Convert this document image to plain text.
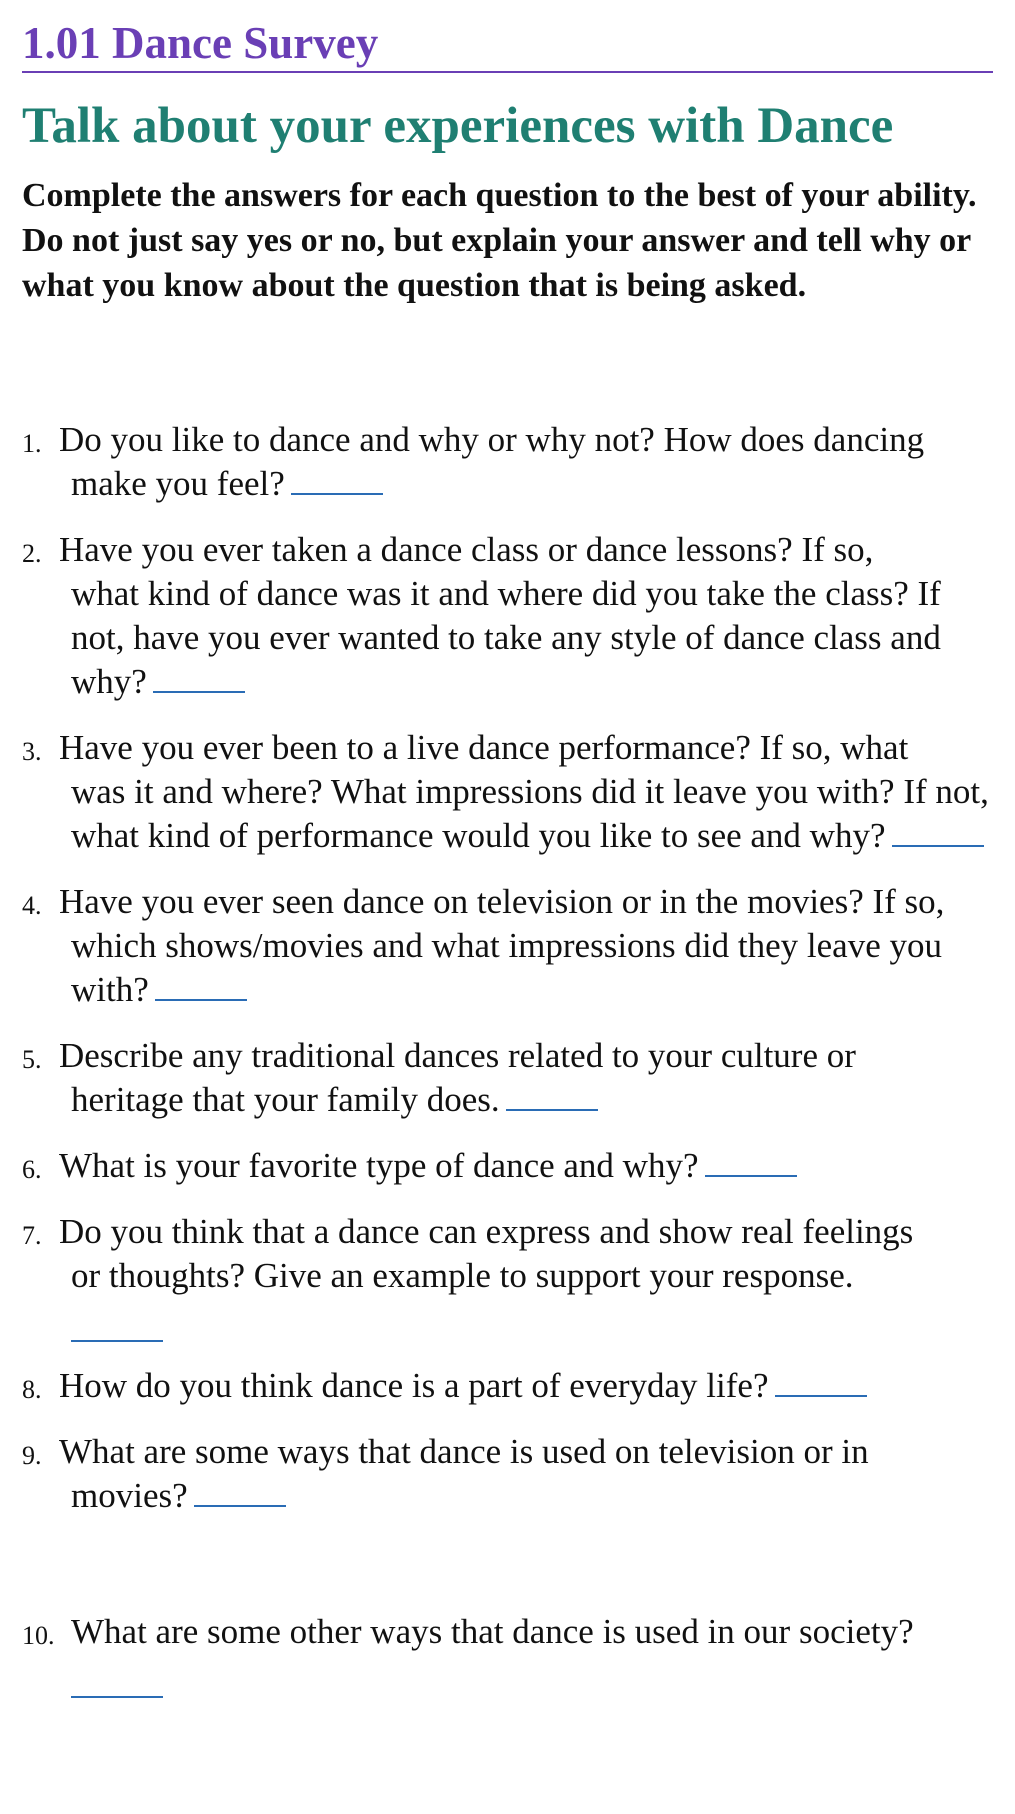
1.01 Dance Survey
Talk about your experiences with Dance

Complete the answers for each question to the best of your ability. Do not just say yes or no, but explain your answer and tell why or what you know about the question that is being asked.

1. Do you like to dance and why or why not? How does dancing
make you feel?
2. Have you ever taken a dance class or dance lessons? If so,
what kind of dance was it and where did you take the class? If not, have you ever wanted to take any style of dance class and why?
3. Have you ever been to a live dance performance? If so, what
was it and where? What impressions did it leave you with? If not, what kind of performance would you like to see and why?
4. Have you ever seen dance on television or in the movies? If so,
which shows/movies and what impressions did they leave you with?
5. Describe any traditional dances related to your culture or
heritage that your family does.
6. What is your favorite type of dance and why?
7. Do you think that a dance can express and show real feelings
or thoughts? Give an example to support your response.
8. How do you think dance is a part of everyday life?
9. What are some ways that dance is used on television or in
movies?
10. What are some other ways that dance is used in our society?
